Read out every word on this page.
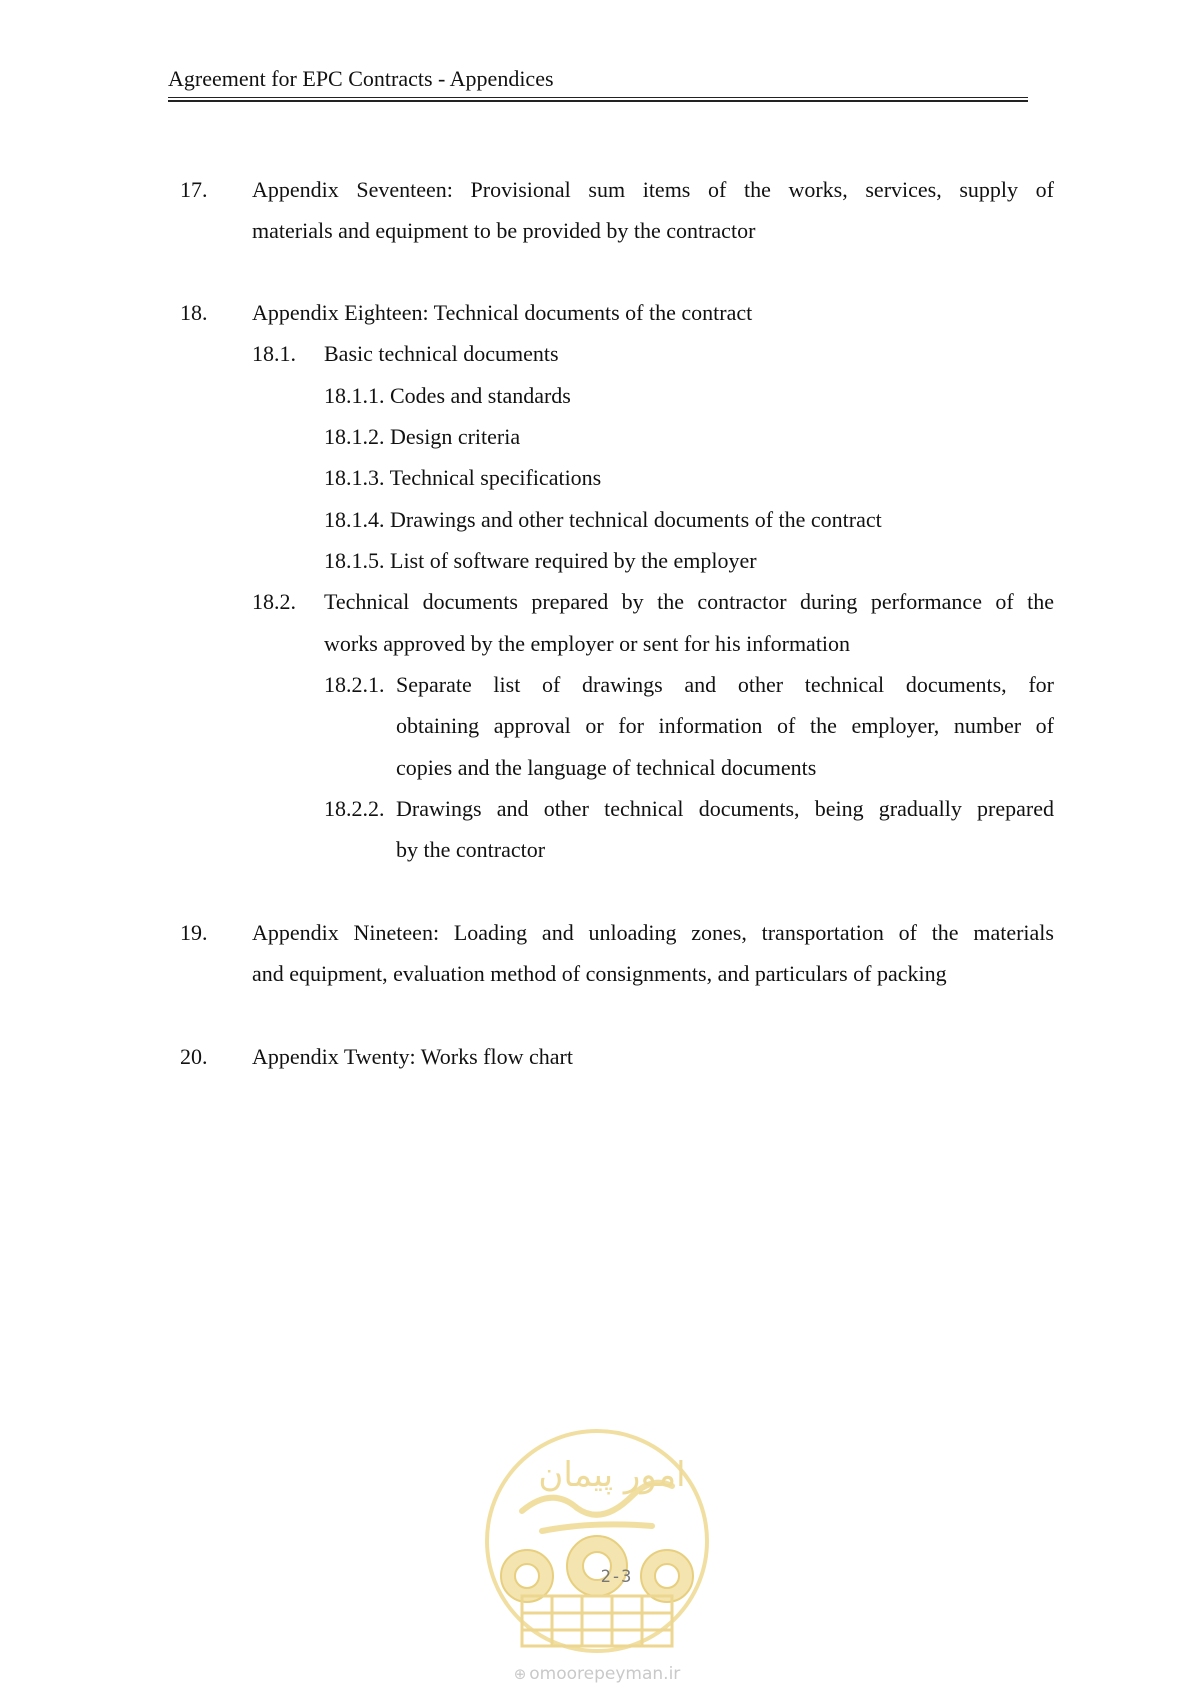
Agreement for EPC Contracts - Appendices
17. Appendix Seventeen: Provisional sum items of the works, services, supply of
materials and equipment to be provided by the contractor
18. Appendix Eighteen: Technical documents of the contract
18.1. Basic technical documents
18.1.1. Codes and standards
18.1.2. Design criteria
18.1.3. Technical specifications
18.1.4. Drawings and other technical documents of the contract
18.1.5. List of software required by the employer
18.2. Technical documents prepared by the contractor during performance of the
works approved by the employer or sent for his information
18.2.1. Separate list of drawings and other technical documents, for
obtaining approval or for information of the employer, number of
copies and the language of technical documents
18.2.2. Drawings and other technical documents, being gradually prepared
by the contractor
19. Appendix Nineteen: Loading and unloading zones, transportation of the materials
and equipment, evaluation method of consignments, and particulars of packing
20. Appendix Twenty: Works flow chart
امور پیمان
2-3
⊕ omoorepeyman.ir
